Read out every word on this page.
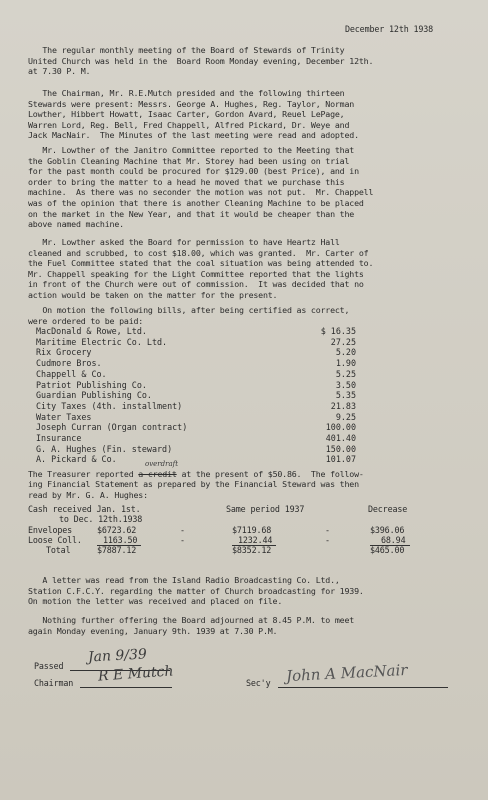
December 12th 1938
The regular monthly meeting of the Board of Stewards of Trinity
United Church was held in the  Board Room Monday evening, December 12th.
at 7.30 P. M.
The Chairman, Mr. R.E.Mutch presided and the following thirteen
Stewards were present: Messrs. George A. Hughes, Reg. Taylor, Norman
Lowther, Hibbert Howatt, Isaac Carter, Gordon Avard, Reuel LePage,
Warren Lord, Reg. Bell, Fred Chappell, Alfred Pickard, Dr. Weye and
Jack MacNair.  The Minutes of the last meeting were read and adopted.
Mr. Lowther of the Janitro Committee reported to the Meeting that
the Goblin Cleaning Machine that Mr. Storey had been using on trial
for the past month could be procured for $129.00 (best Price), and in
order to bring the matter to a head he moved that we purchase this
machine.  As there was no seconder the motion was not put.  Mr. Chappell
was of the opinion that there is another Cleaning Machine to be placed
on the market in the New Year, and that it would be cheaper than the
above named machine.
Mr. Lowther asked the Board for permission to have Heartz Hall
cleaned and scrubbed, to cost $18.00, which was granted.  Mr. Carter of
the Fuel Committee stated that the coal situation was being attended to.
Mr. Chappell speaking for the Light Committee reported that the lights
in front of the Church were out of commission.  It was decided that no
action would be taken on the matter for the present.
On motion the following bills, after being certified as correct,
were ordered to be paid:
MacDonald & Rowe, Ltd.	$ 16.35
Maritime Electric Co. Ltd.	27.25
Rix Grocery	5.20
Cudmore Bros.	1.90
Chappell & Co.	5.25
Patriot Publishing Co.	3.50
Guardian Publishing Co.	5.35
City Taxes (4th. installment)	21.83
Water Taxes	9.25
Joseph Curran (Organ contract)	100.00
Insurance	401.40
G. A. Hughes (Fin. steward)	150.00
A. Pickard & Co.	101.07
The Treasurer reported a credit at the present of $50.86.  The follow-
overdraft
ing Financial Statement as prepared by the Financial Steward was then
read by Mr. G. A. Hughes:
Cash received Jan. 1st.
to Dec. 12th.1938
Same period 1937	Decrease
Envelopes	$6723.62	-	$7119.68	-	$396.06
Loose Coll.	1163.50	-	1232.44	-	68.94
Total	$7887.12	$8352.12	$465.00
A letter was read from the Island Radio Broadcasting Co. Ltd.,
Station C.F.C.Y. regarding the matter of Church broadcasting for 1939.
On motion the letter was received and placed on file.
Nothing further offering the Board adjourned at 8.45 P.M. to meet
again Monday evening, January 9th. 1939 at 7.30 P.M.
Passed
Jan 9/39
Chairman R E Mutch	Sec'y John A MacNair
